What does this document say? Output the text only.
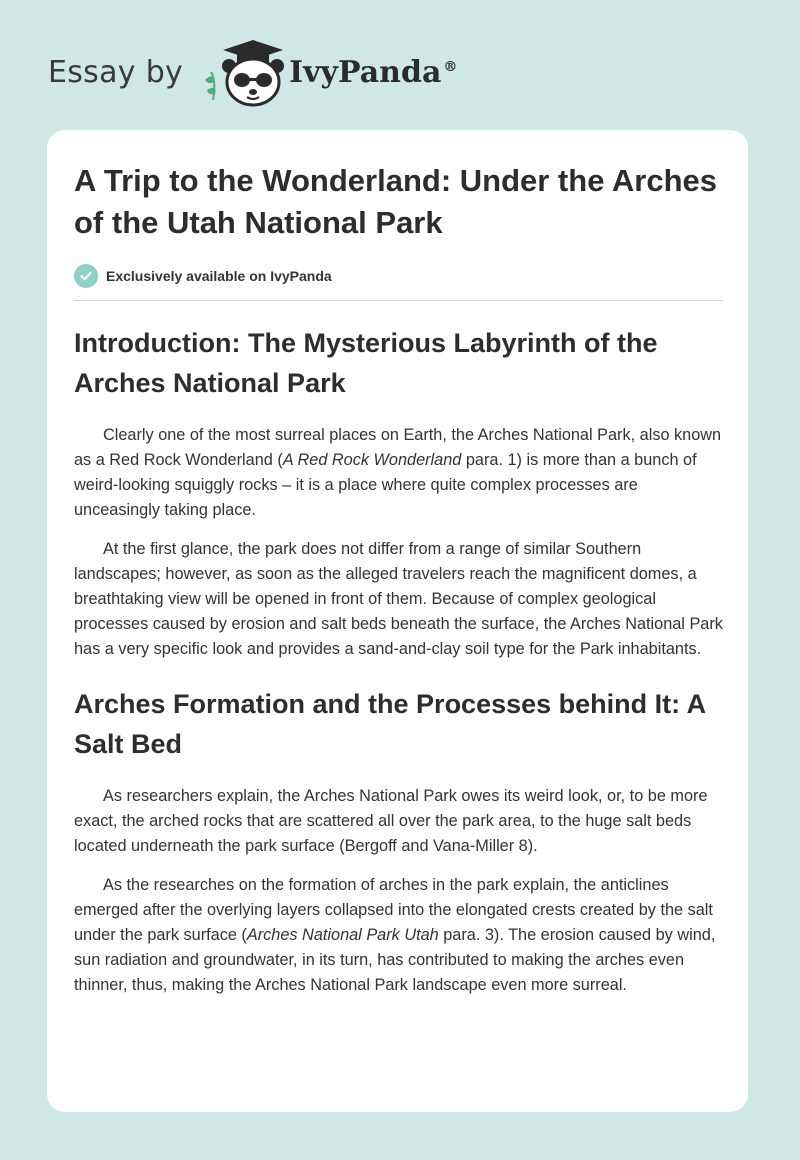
Essay by	IvyPanda ®
A Trip to the Wonderland: Under the Arches of the Utah National Park
Exclusively available on IvyPanda
Introduction: The Mysterious Labyrinth of the Arches National Park

Clearly one of the most surreal places on Earth, the Arches National Park, also known as a Red Rock Wonderland (A Red Rock Wonderland para. 1) is more than a bunch of weird-looking squiggly rocks – it is a place where quite complex processes are unceasingly taking place.

At the first glance, the park does not differ from a range of similar Southern landscapes; however, as soon as the alleged travelers reach the magnificent domes, a breathtaking view will be opened in front of them. Because of complex geological processes caused by erosion and salt beds beneath the surface, the Arches National Park has a very specific look and provides a sand-and-clay soil type for the Park inhabitants.

Arches Formation and the Processes behind It: A Salt Bed

As researchers explain, the Arches National Park owes its weird look, or, to be more exact, the arched rocks that are scattered all over the park area, to the huge salt beds located underneath the park surface (Bergoff and Vana-Miller 8).

As the researches on the formation of arches in the park explain, the anticlines emerged after the overlying layers collapsed into the elongated crests created by the salt under the park surface (Arches National Park Utah para. 3). The erosion caused by wind, sun radiation and groundwater, in its turn, has contributed to making the arches even thinner, thus, making the Arches National Park landscape even more surreal.
